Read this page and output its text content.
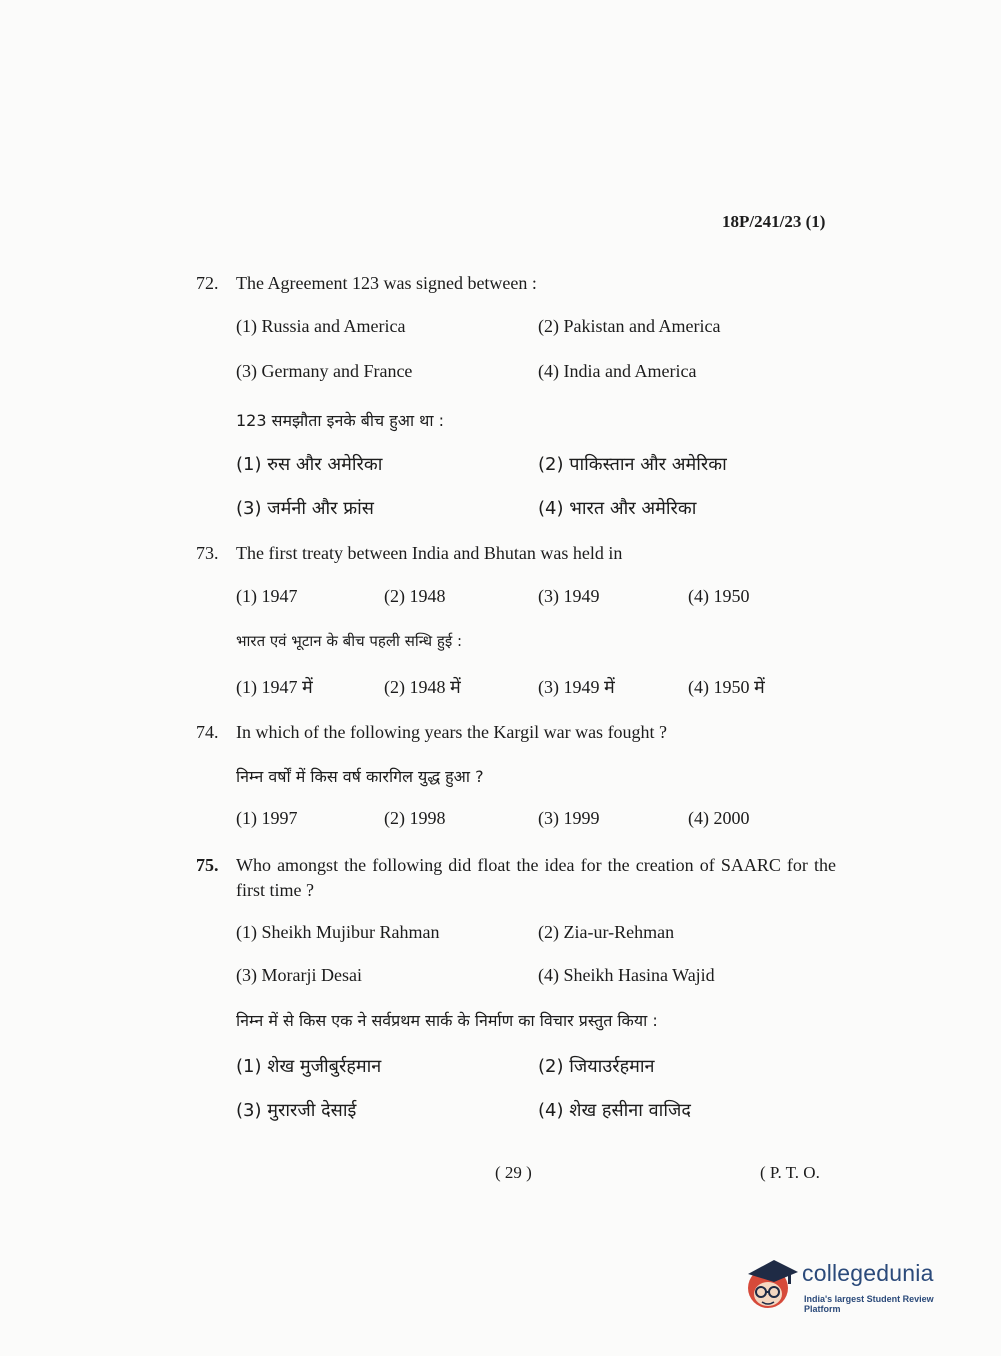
18P/241/23 (1)
72. The Agreement 123 was signed between :
(1) Russia and America	(2) Pakistan and America
(3) Germany and France	(4) India and America
123 समझौता इनके बीच हुआ था :
(1) रुस और अमेरिका	(2) पाकिस्तान और अमेरिका
(3) जर्मनी और फ्रांस	(4) भारत और अमेरिका
73. The first treaty between India and Bhutan was held in
(1) 1947	(2) 1948	(3) 1949	(4) 1950
भारत एवं भूटान के बीच पहली सन्धि हुई :
(1) 1947 में	(2) 1948 में	(3) 1949 में	(4) 1950 में
74. In which of the following years the Kargil war was fought ?
निम्न वर्षों में किस वर्ष कारगिल युद्ध हुआ ?
(1) 1997	(2) 1998	(3) 1999	(4) 2000
75. Who amongst the following did float the idea for the creation of SAARC for the first time ?
(1) Sheikh Mujibur Rahman	(2) Zia-ur-Rehman
(3) Morarji Desai	(4) Sheikh Hasina Wajid
निम्न में से किस एक ने सर्वप्रथम सार्क के निर्माण का विचार प्रस्तुत किया :
(1) शेख मुजीबुर्रहमान	(2) जियाउर्रहमान
(3) मुरारजी देसाई	(4) शेख हसीना वाजिद
( 29 )	( P. T. O.
collegedunia
India's largest Student Review Platform
